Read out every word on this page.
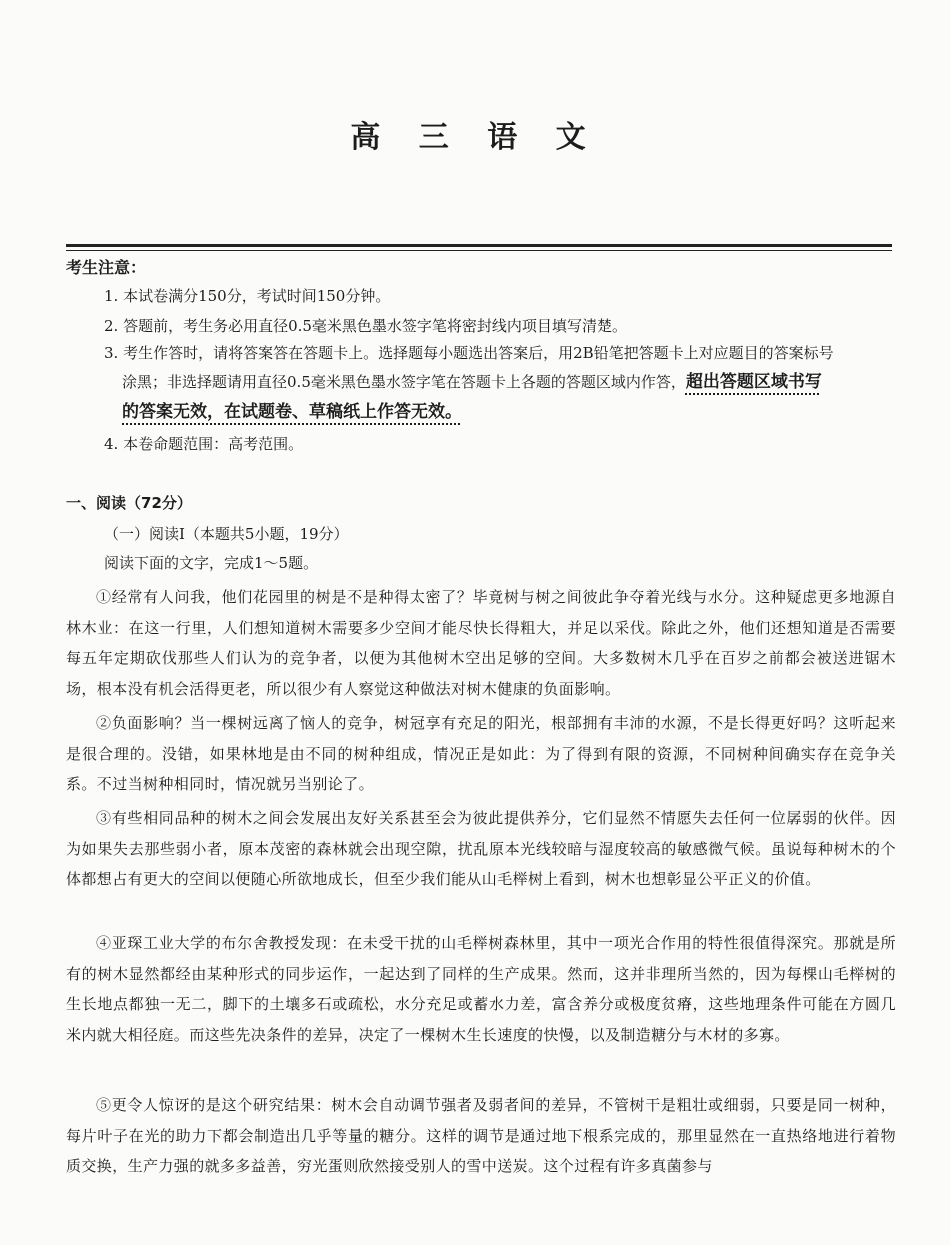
高 三 语 文
考生注意：
1. 本试卷满分150分，考试时间150分钟。
2. 答题前，考生务必用直径0.5毫米黑色墨水签字笔将密封线内项目填写清楚。
3. 考生作答时，请将答案答在答题卡上。选择题每小题选出答案后，用2B铅笔把答题卡上对应题目的答案标号
涂黑；非选择题请用直径0.5毫米黑色墨水签字笔在答题卡上各题的答题区域内作答，超出答题区域书写
的答案无效，在试题卷、草稿纸上作答无效。
4. 本卷命题范围：高考范围。
一、阅读（72分）
（一）阅读Ⅰ（本题共5小题，19分）
阅读下面的文字，完成1～5题。
①经常有人问我，他们花园里的树是不是种得太密了？毕竟树与树之间彼此争夺着光线与水分。这种疑虑更多地源自林木业：在这一行里，人们想知道树木需要多少空间才能尽快长得粗大，并足以采伐。除此之外，他们还想知道是否需要每五年定期砍伐那些人们认为的竞争者，以便为其他树木空出足够的空间。大多数树木几乎在百岁之前都会被送进锯木场，根本没有机会活得更老，所以很少有人察觉这种做法对树木健康的负面影响。
②负面影响？当一棵树远离了恼人的竞争，树冠享有充足的阳光，根部拥有丰沛的水源，不是长得更好吗？这听起来是很合理的。没错，如果林地是由不同的树种组成，情况正是如此：为了得到有限的资源，不同树种间确实存在竞争关系。不过当树种相同时，情况就另当别论了。
③有些相同品种的树木之间会发展出友好关系甚至会为彼此提供养分，它们显然不情愿失去任何一位孱弱的伙伴。因为如果失去那些弱小者，原本茂密的森林就会出现空隙，扰乱原本光线较暗与湿度较高的敏感微气候。虽说每种树木的个体都想占有更大的空间以便随心所欲地成长，但至少我们能从山毛榉树上看到，树木也想彰显公平正义的价值。
④亚琛工业大学的布尔舍教授发现：在未受干扰的山毛榉树森林里，其中一项光合作用的特性很值得深究。那就是所有的树木显然都经由某种形式的同步运作，一起达到了同样的生产成果。然而，这并非理所当然的，因为每棵山毛榉树的生长地点都独一无二，脚下的土壤多石或疏松，水分充足或蓄水力差，富含养分或极度贫瘠，这些地理条件可能在方圆几米内就大相径庭。而这些先决条件的差异，决定了一棵树木生长速度的快慢，以及制造糖分与木材的多寡。
⑤更令人惊讶的是这个研究结果：树木会自动调节强者及弱者间的差异，不管树干是粗壮或细弱，只要是同一树种，每片叶子在光的助力下都会制造出几乎等量的糖分。这样的调节是通过地下根系完成的，那里显然在一直热络地进行着物质交换，生产力强的就多多益善，穷光蛋则欣然接受别人的雪中送炭。这个过程有许多真菌参与
